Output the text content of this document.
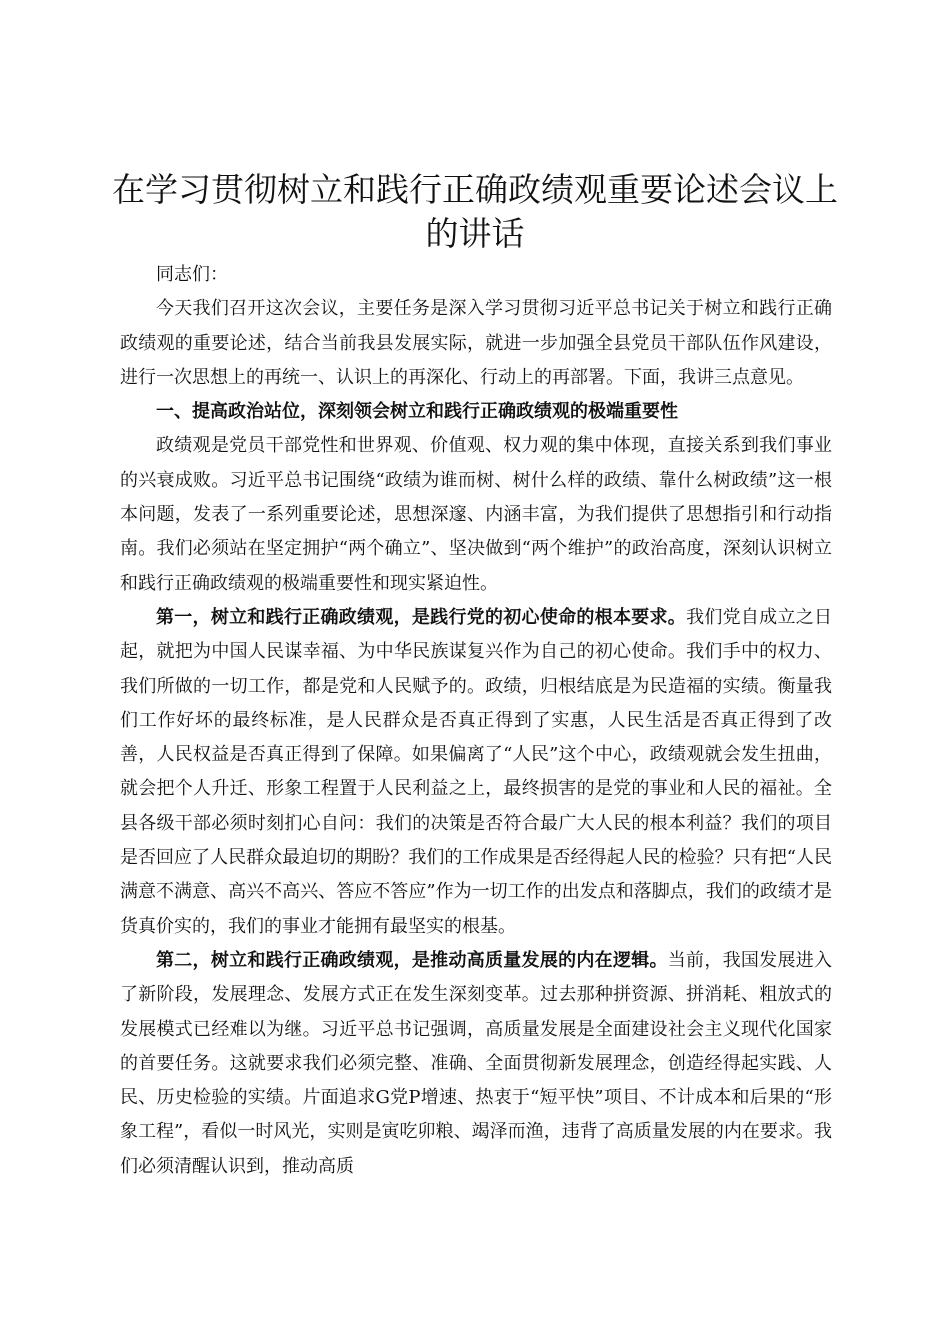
在学习贯彻树立和践行正确政绩观重要论述会议上的讲话

同志们：

今天我们召开这次会议，主要任务是深入学习贯彻习近平总书记关于树立和践行正确政绩观的重要论述，结合当前我县发展实际，就进一步加强全县党员干部队伍作风建设，进行一次思想上的再统一、认识上的再深化、行动上的再部署。下面，我讲三点意见。

一、提高政治站位，深刻领会树立和践行正确政绩观的极端重要性

政绩观是党员干部党性和世界观、价值观、权力观的集中体现，直接关系到我们事业的兴衰成败。习近平总书记围绕“政绩为谁而树、树什么样的政绩、靠什么树政绩”这一根本问题，发表了一系列重要论述，思想深邃、内涵丰富，为我们提供了思想指引和行动指南。我们必须站在坚定拥护“两个确立”、坚决做到“两个维护”的政治高度，深刻认识树立和践行正确政绩观的极端重要性和现实紧迫性。

第一，树立和践行正确政绩观，是践行党的初心使命的根本要求。我们党自成立之日起，就把为中国人民谋幸福、为中华民族谋复兴作为自己的初心使命。我们手中的权力、我们所做的一切工作，都是党和人民赋予的。政绩，归根结底是为民造福的实绩。衡量我们工作好坏的最终标准，是人民群众是否真正得到了实惠，人民生活是否真正得到了改善，人民权益是否真正得到了保障。如果偏离了“人民”这个中心，政绩观就会发生扭曲，就会把个人升迁、形象工程置于人民利益之上，最终损害的是党的事业和人民的福祉。全县各级干部必须时刻扪心自问：我们的决策是否符合最广大人民的根本利益？我们的项目是否回应了人民群众最迫切的期盼？我们的工作成果是否经得起人民的检验？只有把“人民满意不满意、高兴不高兴、答应不答应”作为一切工作的出发点和落脚点，我们的政绩才是货真价实的，我们的事业才能拥有最坚实的根基。

第二，树立和践行正确政绩观，是推动高质量发展的内在逻辑。当前，我国发展进入了新阶段，发展理念、发展方式正在发生深刻变革。过去那种拼资源、拼消耗、粗放式的发展模式已经难以为继。习近平总书记强调，高质量发展是全面建设社会主义现代化国家的首要任务。这就要求我们必须完整、准确、全面贯彻新发展理念，创造经得起实践、人民、历史检验的实绩。片面追求G党P增速、热衷于“短平快”项目、不计成本和后果的“形象工程”，看似一时风光，实则是寅吃卯粮、竭泽而渔，违背了高质量发展的内在要求。我们必须清醒认识到，推动高质
